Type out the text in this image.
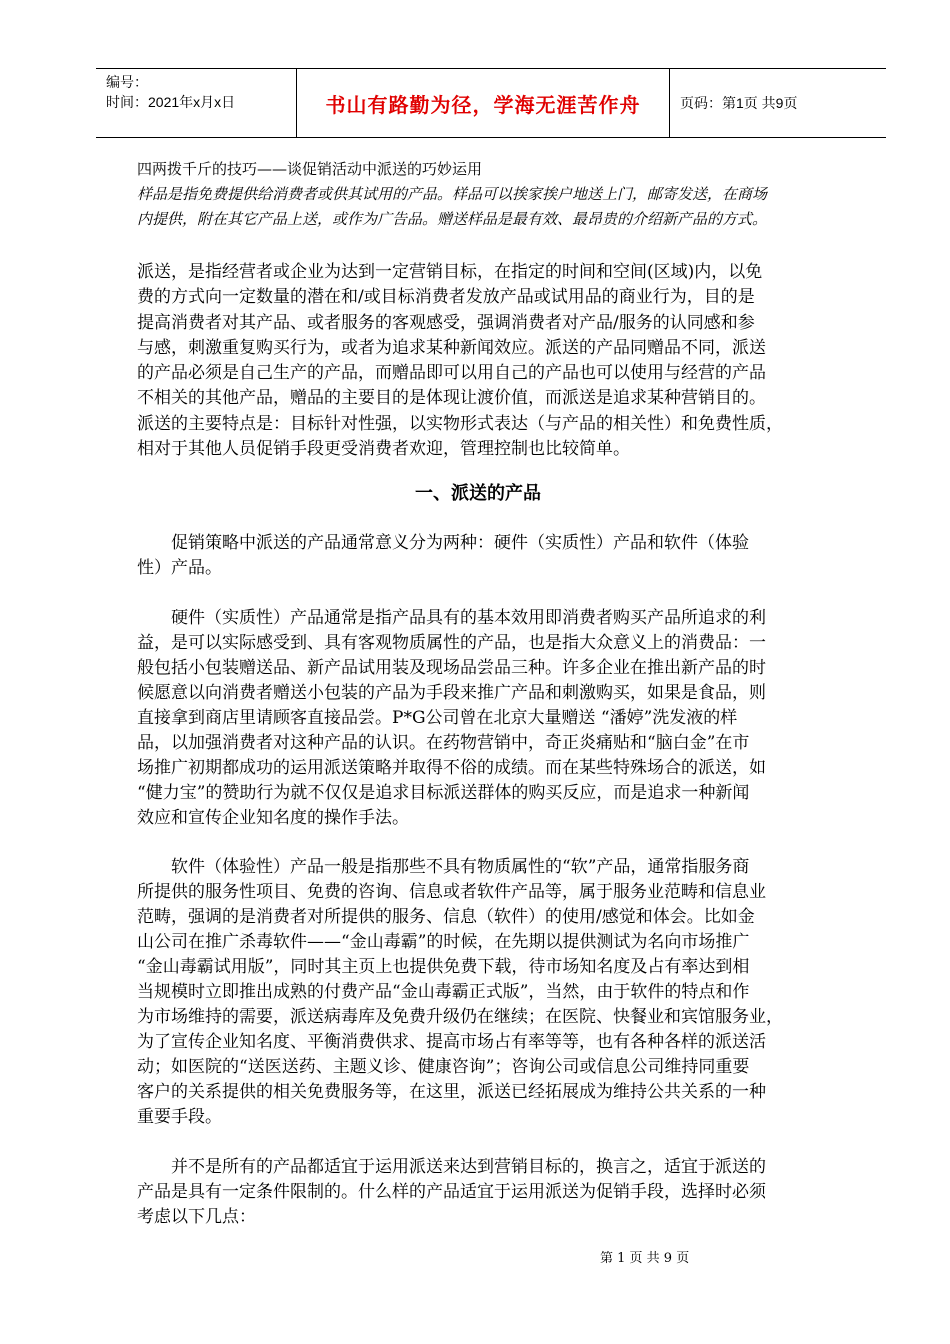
编号：
时间：2021年x月x日	书山有路勤为径，学海无涯苦作舟	页码：第1页 共9页
四两拨千斤的技巧——谈促销活动中派送的巧妙运用
样品是指免费提供给消费者或供其试用的产品。样品可以挨家挨户地送上门，邮寄发送，在商场
内提供，附在其它产品上送，或作为广告品。赠送样品是最有效、最昂贵的介绍新产品的方式。
派送，是指经营者或企业为达到一定营销目标，在指定的时间和空间(区域)内，以免
费的方式向一定数量的潜在和/或目标消费者发放产品或试用品的商业行为，目的是
提高消费者对其产品、或者服务的客观感受，强调消费者对产品/服务的认同感和参
与感，刺激重复购买行为，或者为追求某种新闻效应。派送的产品同赠品不同，派送
的产品必须是自己生产的产品，而赠品即可以用自己的产品也可以使用与经营的产品
不相关的其他产品，赠品的主要目的是体现让渡价值，而派送是追求某种营销目的。
派送的主要特点是：目标针对性强，以实物形式表达（与产品的相关性）和免费性质，
相对于其他人员促销手段更受消费者欢迎，管理控制也比较简单。
一、派送的产品
促销策略中派送的产品通常意义分为两种：硬件（实质性）产品和软件（体验
性）产品。
硬件（实质性）产品通常是指产品具有的基本效用即消费者购买产品所追求的利
益，是可以实际感受到、具有客观物质属性的产品，也是指大众意义上的消费品：一
般包括小包装赠送品、新产品试用装及现场品尝品三种。许多企业在推出新产品的时
候愿意以向消费者赠送小包装的产品为手段来推广产品和刺激购买，如果是食品，则
直接拿到商店里请顾客直接品尝。P*G公司曾在北京大量赠送 “潘婷”洗发液的样
品，以加强消费者对这种产品的认识。在药物营销中，奇正炎痛贴和“脑白金”在市
场推广初期都成功的运用派送策略并取得不俗的成绩。而在某些特殊场合的派送，如
“健力宝”的赞助行为就不仅仅是追求目标派送群体的购买反应，而是追求一种新闻
效应和宣传企业知名度的操作手法。
软件（体验性）产品一般是指那些不具有物质属性的“软”产品，通常指服务商
所提供的服务性项目、免费的咨询、信息或者软件产品等，属于服务业范畴和信息业
范畴，强调的是消费者对所提供的服务、信息（软件）的使用/感觉和体会。比如金
山公司在推广杀毒软件——“金山毒霸”的时候，在先期以提供测试为名向市场推广
“金山毒霸试用版”，同时其主页上也提供免费下载，待市场知名度及占有率达到相
当规模时立即推出成熟的付费产品“金山毒霸正式版”，当然，由于软件的特点和作
为市场维持的需要，派送病毒库及免费升级仍在继续；在医院、快餐业和宾馆服务业，
为了宣传企业知名度、平衡消费供求、提高市场占有率等等，也有各种各样的派送活
动；如医院的“送医送药、主题义诊、健康咨询”；咨询公司或信息公司维持同重要
客户的关系提供的相关免费服务等，在这里，派送已经拓展成为维持公共关系的一种
重要手段。
并不是所有的产品都适宜于运用派送来达到营销目标的，换言之，适宜于派送的
产品是具有一定条件限制的。什么样的产品适宜于运用派送为促销手段，选择时必须
考虑以下几点：
第 1 页 共 9 页
